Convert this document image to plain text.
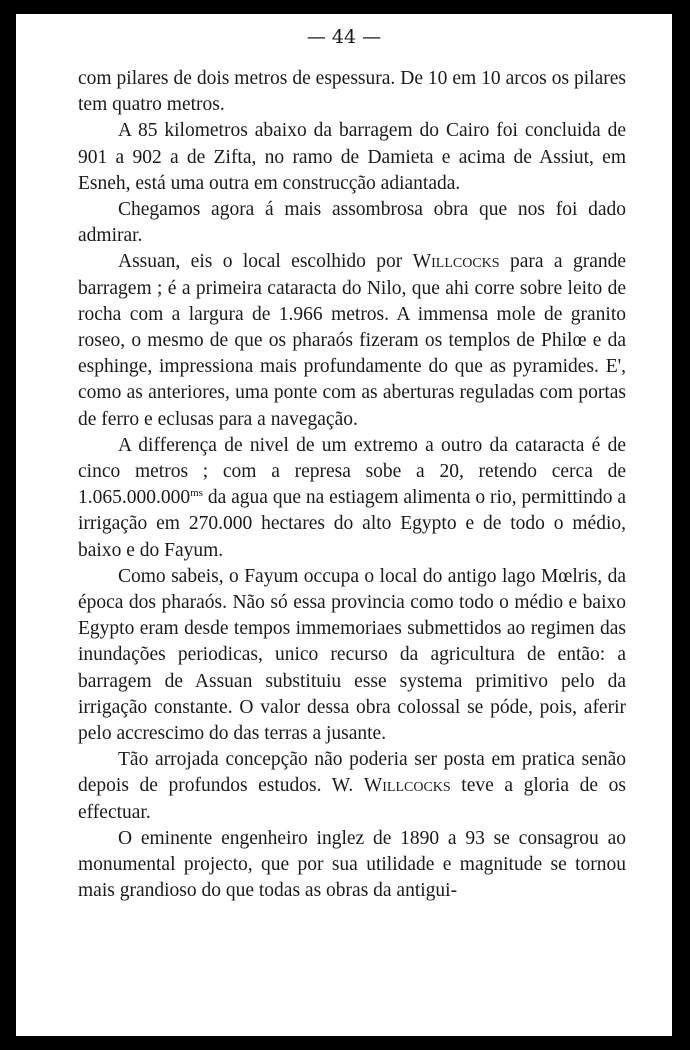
— 44 —

com pilares de dois metros de espessura. De 10 em 10 arcos os pilares tem quatro metros.

A 85 kilometros abaixo da barragem do Cairo foi concluida de 901 a 902 a de Zifta, no ramo de Damieta e acima de Assiut, em Esneh, está uma outra em construcção adiantada.

Chegamos agora á mais assombrosa obra que nos foi dado admirar.

Assuan, eis o local escolhido por Willcocks para a grande barragem ; é a primeira cataracta do Nilo, que ahi corre sobre leito de rocha com a largura de 1.966 metros. A immensa mole de granito roseo, o mesmo de que os pharaós fizeram os templos de Philœ e da esphinge, impressiona mais profundamente do que as pyramides. E', como as anteriores, uma ponte com as aberturas reguladas com portas de ferro e eclusas para a navegação.

A differença de nivel de um extremo a outro da cataracta é de cinco metros ; com a represa sobe a 20, retendo cerca de $1.065.000.000^{ms}$ da agua que na estiagem alimenta o rio, permittindo a irrigação em 270.000 hectares do alto Egypto e de todo o médio, baixo e do Fayum.

Como sabeis, o Fayum occupa o local do antigo lago Mœlris, da época dos pharaós. Não só essa provincia como todo o médio e baixo Egypto eram desde tempos immemoriaes submettidos ao regimen das inundações periodicas, unico recurso da agricultura de então: a barragem de Assuan substituiu esse systema primitivo pelo da irrigação constante. O valor dessa obra colossal se póde, pois, aferir pelo accrescimo do das terras a jusante.

Tão arrojada concepção não poderia ser posta em pratica senão depois de profundos estudos. W. Willcocks teve a gloria de os effectuar.

O eminente engenheiro inglez de 1890 a 93 se consagrou ao monumental projecto, que por sua utilidade e magnitude se tornou mais grandioso do que todas as obras da antigui-
